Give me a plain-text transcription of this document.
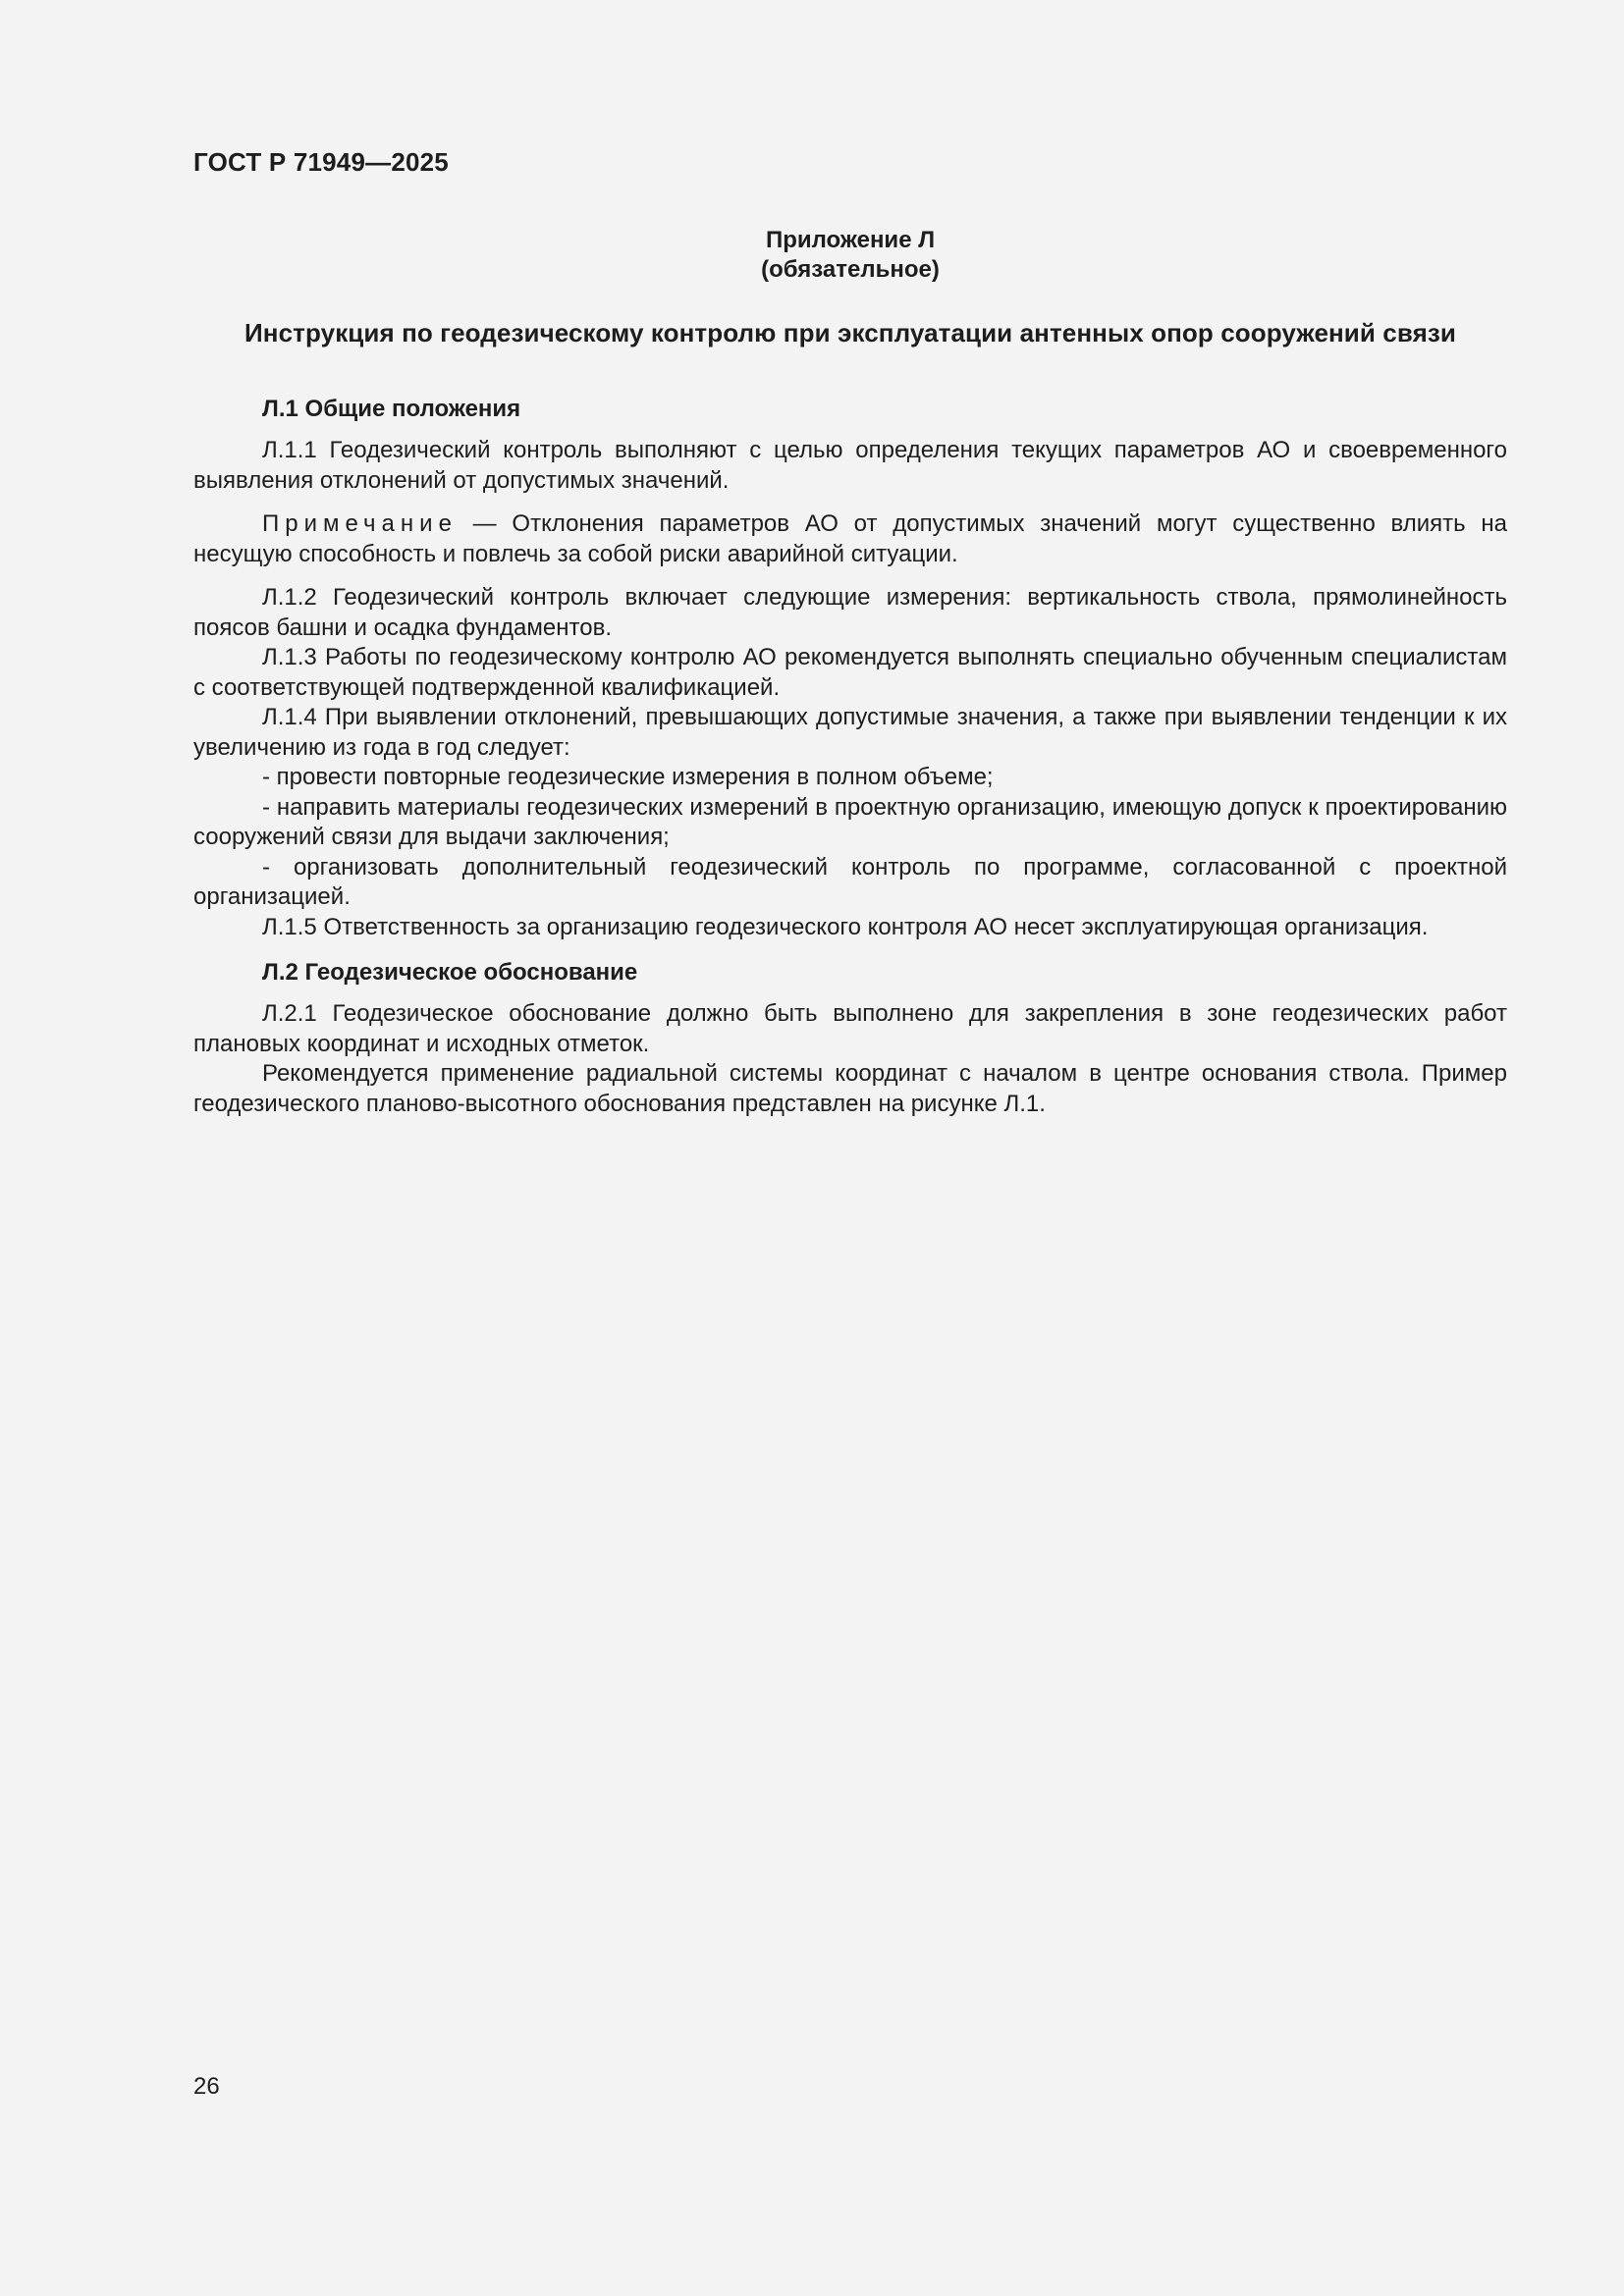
ГОСТ Р 71949—2025
Приложение Л
(обязательное)
Инструкция по геодезическому контролю при эксплуатации антенных опор сооружений связи
Л.1 Общие положения

Л.1.1 Геодезический контроль выполняют с целью определения текущих параметров АО и своевременного выявления отклонений от допустимых значений.

Примечание — Отклонения параметров АО от допустимых значений могут существенно влиять на несущую способность и повлечь за собой риски аварийной ситуации.

Л.1.2 Геодезический контроль включает следующие измерения: вертикальность ствола, прямолинейность поясов башни и осадка фундаментов.

Л.1.3 Работы по геодезическому контролю АО рекомендуется выполнять специально обученным специалистам с соответствующей подтвержденной квалификацией.

Л.1.4 При выявлении отклонений, превышающих допустимые значения, а также при выявлении тенденции к их увеличению из года в год следует:

- провести повторные геодезические измерения в полном объеме;

- направить материалы геодезических измерений в проектную организацию, имеющую допуск к проектированию сооружений связи для выдачи заключения;

- организовать дополнительный геодезический контроль по программе, согласованной с проектной организацией.

Л.1.5 Ответственность за организацию геодезического контроля АО несет эксплуатирующая организация.

Л.2 Геодезическое обоснование

Л.2.1 Геодезическое обоснование должно быть выполнено для закрепления в зоне геодезических работ плановых координат и исходных отметок.

Рекомендуется применение радиальной системы координат с началом в центре основания ствола. Пример геодезического планово-высотного обоснования представлен на рисунке Л.1.

26
